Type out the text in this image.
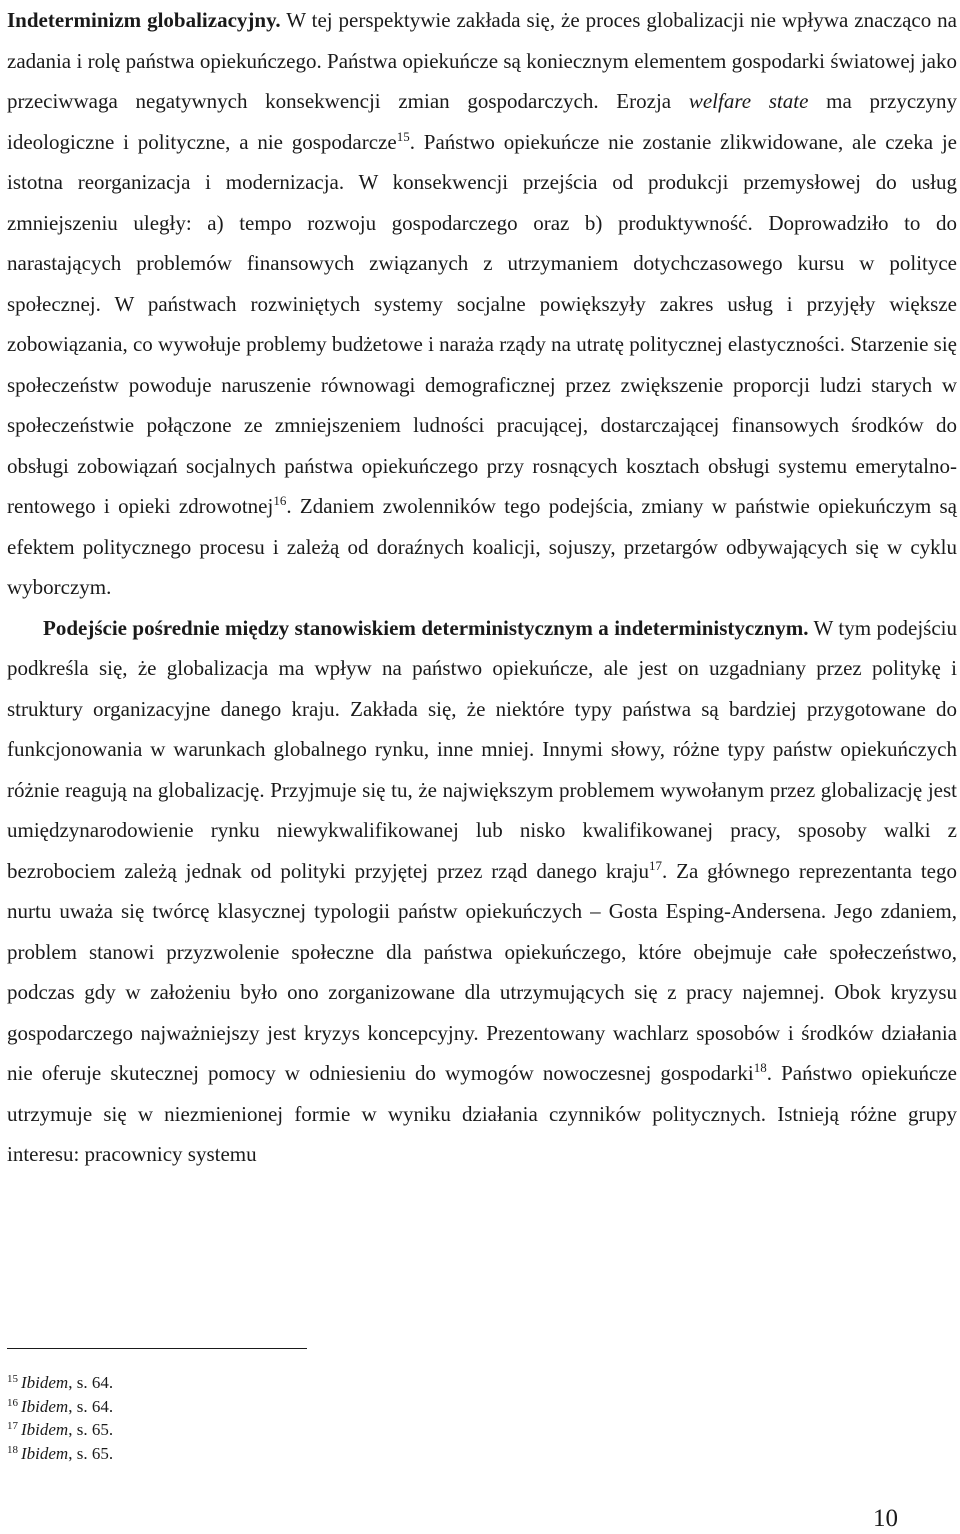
Indeterminizm globalizacyjny. W tej perspektywie zakłada się, że proces globalizacji nie wpływa znacząco na zadania i rolę państwa opiekuńczego. Państwa opiekuńcze są koniecznym elementem gospodarki światowej jako przeciwwaga negatywnych konsekwencji zmian gospodarczych. Erozja welfare state ma przyczyny ideologiczne i polityczne, a nie gospodarcze$^{15}$. Państwo opiekuńcze nie zostanie zlikwidowane, ale czeka je istotna reorganizacja i modernizacja. W konsekwencji przejścia od produkcji przemysłowej do usług zmniejszeniu uległy: a) tempo rozwoju gospodarczego oraz b) produktywność. Doprowadziło to do narastających problemów finansowych związanych z utrzymaniem dotychczasowego kursu w polityce społecznej. W państwach rozwiniętych systemy socjalne powiększyły zakres usług i przyjęły większe zobowiązania, co wywołuje problemy budżetowe i naraża rządy na utratę politycznej elastyczności. Starzenie się społeczeństw powoduje naruszenie równowagi demograficznej przez zwiększenie proporcji ludzi starych w społeczeństwie połączone ze zmniejszeniem ludności pracującej, dostarczającej finansowych środków do obsługi zobowiązań socjalnych państwa opiekuńczego przy rosnących kosztach obsługi systemu emerytalno-rentowego i opieki zdrowotnej$^{16}$. Zdaniem zwolenników tego podejścia, zmiany w państwie opiekuńczym są efektem politycznego procesu i zależą od doraźnych koalicji, sojuszy, przetargów odbywających się w cyklu wyborczym.

Podejście pośrednie między stanowiskiem deterministycznym a indeterministycznym. W tym podejściu podkreśla się, że globalizacja ma wpływ na państwo opiekuńcze, ale jest on uzgadniany przez politykę i struktury organizacyjne danego kraju. Zakłada się, że niektóre typy państwa są bardziej przygotowane do funkcjonowania w warunkach globalnego rynku, inne mniej. Innymi słowy, różne typy państw opiekuńczych różnie reagują na globalizację. Przyjmuje się tu, że największym problemem wywołanym przez globalizację jest umiędzynarodowienie rynku niewykwalifikowanej lub nisko kwalifikowanej pracy, sposoby walki z bezrobociem zależą jednak od polityki przyjętej przez rząd danego kraju$^{17}$. Za głównego reprezentanta tego nurtu uważa się twórcę klasycznej typologii państw opiekuńczych – Gosta Esping-Andersena. Jego zdaniem, problem stanowi przyzwolenie społeczne dla państwa opiekuńczego, które obejmuje całe społeczeństwo, podczas gdy w założeniu było ono zorganizowane dla utrzymujących się z pracy najemnej. Obok kryzysu gospodarczego najważniejszy jest kryzys koncepcyjny. Prezentowany wachlarz sposobów i środków działania nie oferuje skutecznej pomocy w odniesieniu do wymogów nowoczesnej gospodarki$^{18}$. Państwo opiekuńcze utrzymuje się w niezmienionej formie w wyniku działania czynników politycznych. Istnieją różne grupy interesu: pracownicy systemu

$^{15}$ Ibidem, s. 64.
$^{16}$ Ibidem, s. 64.
$^{17}$ Ibidem, s. 65.
$^{18}$ Ibidem, s. 65.
10
